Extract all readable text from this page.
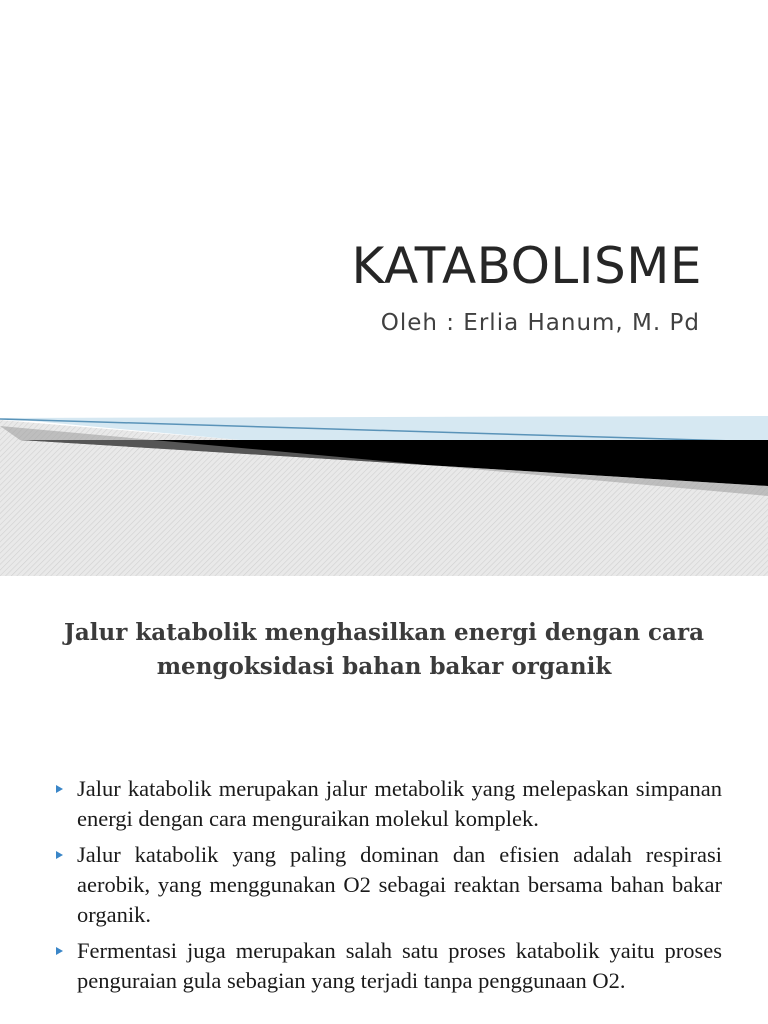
KATABOLISME
Oleh : Erlia Hanum, M. Pd
Jalur katabolik menghasilkan energi dengan cara mengoksidasi bahan bakar organik
Jalur katabolik merupakan jalur metabolik yang melepaskan simpanan energi dengan cara menguraikan molekul komplek.
Jalur katabolik yang paling dominan dan efisien adalah respirasi aerobik, yang menggunakan O2 sebagai reaktan bersama bahan bakar organik.
Fermentasi juga merupakan salah satu proses katabolik yaitu proses penguraian gula sebagian yang terjadi tanpa penggunaan O2.
